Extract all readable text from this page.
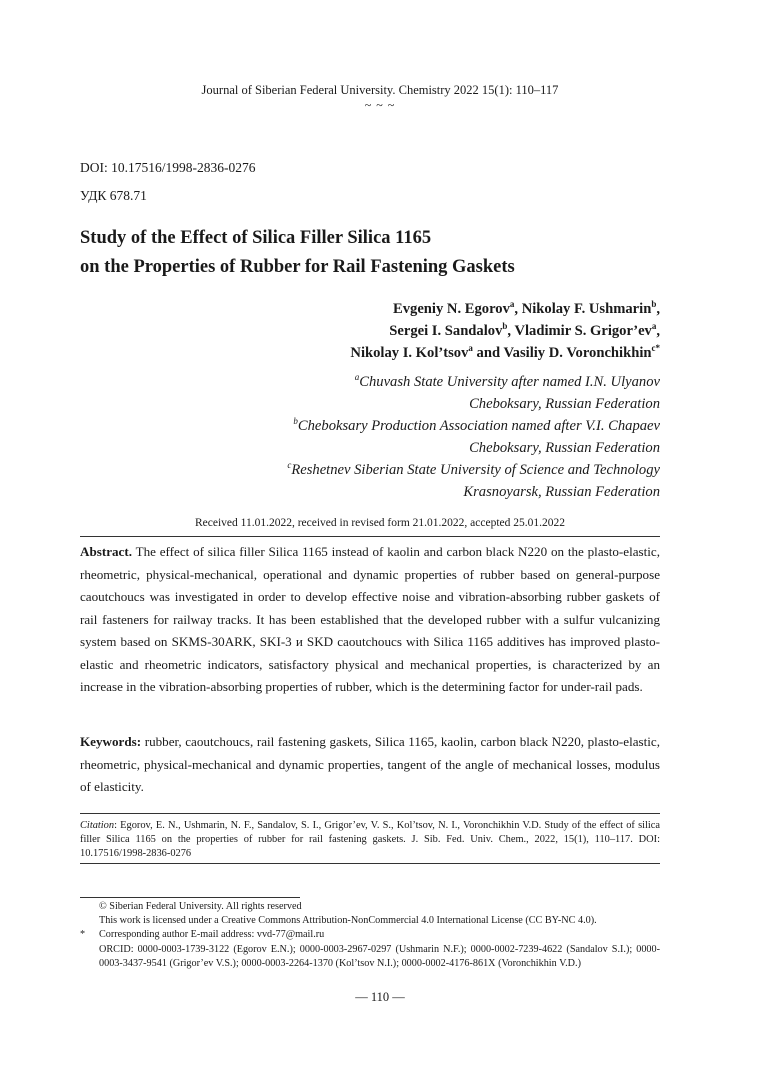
Journal of Siberian Federal University. Chemistry 2022 15(1): 110–117
~ ~ ~
DOI: 10.17516/1998-2836-0276
УДК 678.71
Study of the Effect of Silica Filler Silica 1165
on the Properties of Rubber for Rail Fastening Gaskets
Evgeniy N. Egorov$^a$, Nikolay F. Ushmarin$^b$,
Sergei I. Sandalov$^b$, Vladimir S. $Grigor’ev^a$,
Nikolay I. Kol’tsov$^a$ and Vasiliy D. Voronchikhin$^{c*}$
$^a$Chuvash State University after named I.N. Ulyanov
Cheboksary, Russian Federation
$^b$Cheboksary Production Association named after V.I. Chapaev
Cheboksary, Russian Federation
$^c$Reshetnev Siberian State University of Science and Technology
Krasnoyarsk, Russian Federation
Received 11.01.2022, received in revised form 21.01.2022, accepted 25.01.2022
Abstract. The effect of silica filler Silica 1165 instead of kaolin and carbon black N220 on the plasto-elastic, rheometric, physical-mechanical, operational and dynamic properties of rubber based on general-purpose caoutchoucs was investigated in order to develop effective noise and vibration-absorbing rubber gaskets of rail fasteners for railway tracks. It has been established that the developed rubber with a sulfur vulcanizing system based on SKMS-30ARK, SKI-3 и SKD caoutchoucs with Silica 1165 additives has improved plasto-elastic and rheometric indicators, satisfactory physical and mechanical properties, is characterized by an increase in the vibration-absorbing properties of rubber, which is the determining factor for under-rail pads.
Keywords: rubber, caoutchoucs, rail fastening gaskets, Silica 1165, kaolin, carbon black N220, plasto-elastic, rheometric, physical-mechanical and dynamic properties, tangent of the angle of mechanical losses, modulus of elasticity.
Citation: Egorov, E. N., Ushmarin, N. F., Sandalov, S. I., Grigor’ev, V. S., Kol’tsov, N. I., Voronchikhin V.D. Study of the effect of silica filler Silica 1165 on the properties of rubber for rail fastening gaskets. J. Sib. Fed. Univ. Chem., 2022, 15(1), 110–117. DOI: 10.17516/1998-2836-0276
© Siberian Federal University. All rights reserved
This work is licensed under a Creative Commons Attribution-NonCommercial 4.0 International License (CC BY-NC 4.0).
* Corresponding author E-mail address: vvd-77@mail.ru
ORCID: 0000-0003-1739-3122 (Egorov E.N.); 0000-0003-2967-0297 (Ushmarin N.F.); 0000-0002-7239-4622 (Sandalov S.I.); 0000-0003-3437-9541 (Grigor’ev V.S.); 0000-0003-2264-1370 (Kol’tsov N.I.); 0000-0002-4176-861X (Voronchikhin V.D.)
— 110 —
